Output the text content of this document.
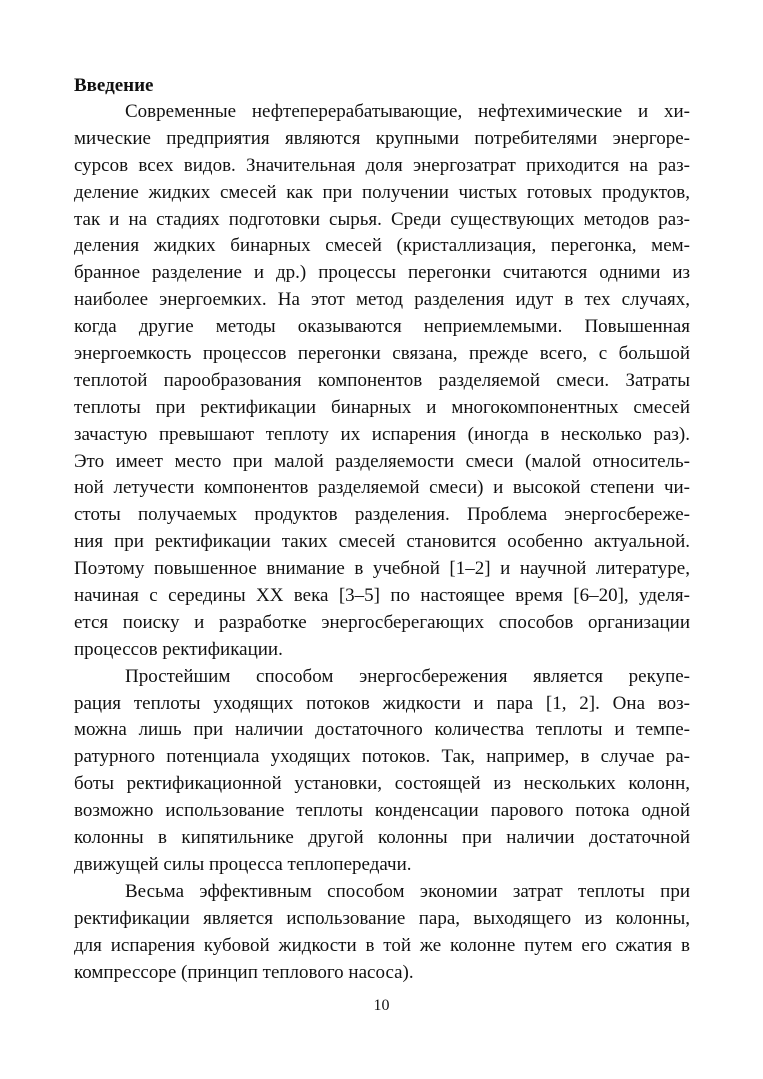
Введение
Современные нефтеперерабатывающие, нефтехимические и хи-
мические предприятия являются крупными потребителями энергоре-
сурсов всех видов. Значительная доля энергозатрат приходится на раз-
деление жидких смесей как при получении чистых готовых продуктов,
так и на стадиях подготовки сырья. Среди существующих методов раз-
деления жидких бинарных смесей (кристаллизация, перегонка, мем-
бранное разделение и др.) процессы перегонки считаются одними из
наиболее энергоемких. На этот метод разделения идут в тех случаях,
когда другие методы оказываются неприемлемыми. Повышенная
энергоемкость процессов перегонки связана, прежде всего, с большой
теплотой парообразования компонентов разделяемой смеси. Затраты
теплоты при ректификации бинарных и многокомпонентных смесей
зачастую превышают теплоту их испарения (иногда в несколько раз).
Это имеет место при малой разделяемости смеси (малой относитель-
ной летучести компонентов разделяемой смеси) и высокой степени чи-
стоты получаемых продуктов разделения. Проблема энергосбереже-
ния при ректификации таких смесей становится особенно актуальной.
Поэтому повышенное внимание в учебной [1–2] и научной литературе,
начиная с середины XX века [3–5] по настоящее время [6–20], уделя-
ется поиску и разработке энергосберегающих способов организации
процессов ректификации.
Простейшим способом энергосбережения является рекупе-
рация теплоты уходящих потоков жидкости и пара [1, 2]. Она воз-
можна лишь при наличии достаточного количества теплоты и темпе-
ратурного потенциала уходящих потоков. Так, например, в случае ра-
боты ректификационной установки, состоящей из нескольких колонн,
возможно использование теплоты конденсации парового потока одной
колонны в кипятильнике другой колонны при наличии достаточной
движущей силы процесса теплопередачи.
Весьма эффективным способом экономии затрат теплоты при
ректификации является использование пара, выходящего из колонны,
для испарения кубовой жидкости в той же колонне путем его сжатия в
компрессоре (принцип теплового насоса).
10
